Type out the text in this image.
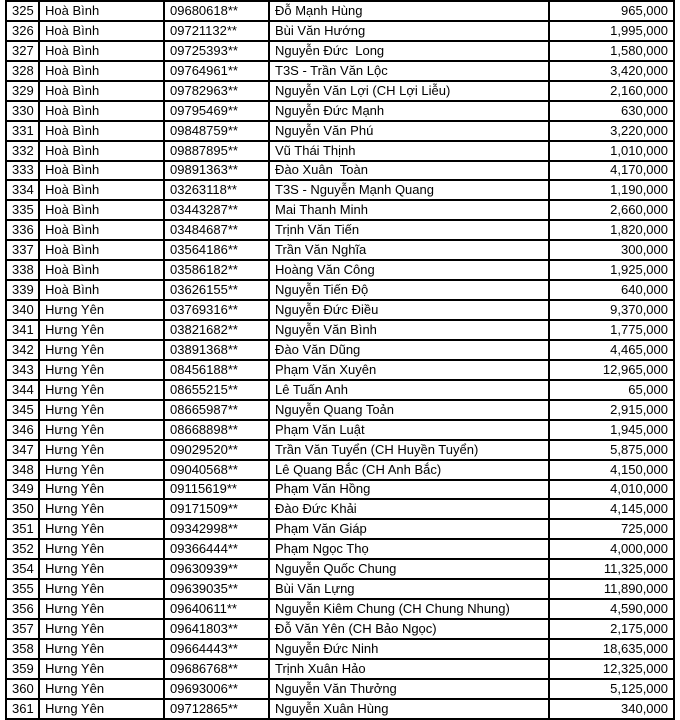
325	Hoà Bình	09680618**	Đỗ Mạnh Hùng	965,000
326	Hoà Bình	09721132**	Bùi Văn Hướng	1,995,000
327	Hoà Bình	09725393**	Nguyễn Đức  Long	1,580,000
328	Hoà Bình	09764961**	T3S - Trần Văn Lộc	3,420,000
329	Hoà Bình	09782963**	Nguyễn Văn Lợi (CH Lợi Liễu)	2,160,000
330	Hoà Bình	09795469**	Nguyễn Đức Mạnh	630,000
331	Hoà Bình	09848759**	Nguyễn Văn Phú	3,220,000
332	Hoà Bình	09887895**	Vũ Thái Thịnh	1,010,000
333	Hoà Bình	09891363**	Đào Xuân  Toàn	4,170,000
334	Hoà Bình	03263118**	T3S - Nguyễn Mạnh Quang	1,190,000
335	Hoà Bình	03443287**	Mai Thanh Minh	2,660,000
336	Hoà Bình	03484687**	Trịnh Văn Tiến	1,820,000
337	Hoà Bình	03564186**	Trần Văn Nghĩa	300,000
338	Hoà Bình	03586182**	Hoàng Văn Công	1,925,000
339	Hoà Bình	03626155**	Nguyễn Tiến Độ	640,000
340	Hưng Yên	03769316**	Nguyễn Đức Điều	9,370,000
341	Hưng Yên	03821682**	Nguyễn Văn Bình	1,775,000
342	Hưng Yên	03891368**	Đào Văn Dũng	4,465,000
343	Hưng Yên	08456188**	Phạm Văn Xuyên	12,965,000
344	Hưng Yên	08655215**	Lê Tuấn Anh	65,000
345	Hưng Yên	08665987**	Nguyễn Quang Toản	2,915,000
346	Hưng Yên	08668898**	Phạm Văn Luật	1,945,000
347	Hưng Yên	09029520**	Trần Văn Tuyển (CH Huyền Tuyển)	5,875,000
348	Hưng Yên	09040568**	Lê Quang Bắc (CH Anh Bắc)	4,150,000
349	Hưng Yên	09115619**	Phạm Văn Hồng	4,010,000
350	Hưng Yên	09171509**	Đào Đức Khải	4,145,000
351	Hưng Yên	09342998**	Phạm Văn Giáp	725,000
352	Hưng Yên	09366444**	Phạm Ngọc Thọ	4,000,000
354	Hưng Yên	09630939**	Nguyễn Quốc Chung	11,325,000
355	Hưng Yên	09639035**	Bùi Văn Lựng	11,890,000
356	Hưng Yên	09640611**	Nguyễn Kiêm Chung (CH Chung Nhung)	4,590,000
357	Hưng Yên	09641803**	Đỗ Văn Yên (CH Bảo Ngọc)	2,175,000
358	Hưng Yên	09664443**	Nguyễn Đức Ninh	18,635,000
359	Hưng Yên	09686768**	Trịnh Xuân Hảo	12,325,000
360	Hưng Yên	09693006**	Nguyễn Văn Thưởng	5,125,000
361	Hưng Yên	09712865**	Nguyễn Xuân Hùng	340,000
